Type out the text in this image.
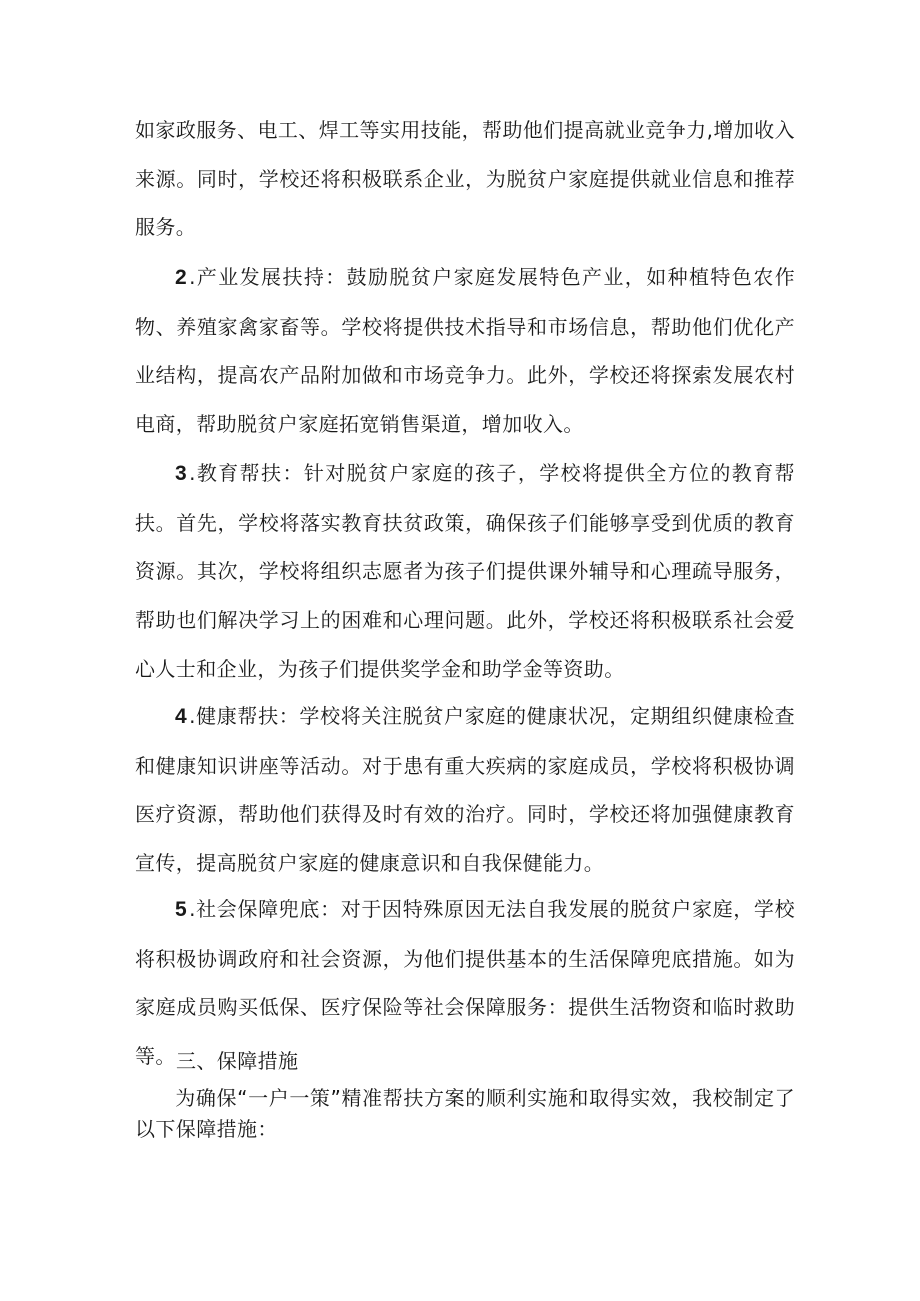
如家政服务、电工、焊工等实用技能，帮助他们提高就业竞争力,增加收入来源。同时，学校还将积极联系企业，为脱贫户家庭提供就业信息和推荐服务。

2 .产业发展扶持：鼓励脱贫户家庭发展特色产业，如种植特色农作物、养殖家禽家畜等。学校将提供技术指导和市场信息，帮助他们优化产业结构，提高农产品附加做和市场竞争力。此外，学校还将探索发展农村电商，帮助脱贫户家庭拓宽销售渠道，增加收入。

3 .教育帮扶：针对脱贫户家庭的孩子，学校将提供全方位的教育帮扶。首先，学校将落实教育扶贫政策，确保孩子们能够享受到优质的教育资源。其次，学校将组织志愿者为孩子们提供课外辅导和心理疏导服务，帮助也们解决学习上的困难和心理问题。此外，学校还将积极联系社会爱心人士和企业，为孩子们提供奖学金和助学金等资助。

4 .健康帮扶：学校将关注脱贫户家庭的健康状况，定期组织健康检查和健康知识讲座等活动。对于患有重大疾病的家庭成员，学校将积极协调医疗资源，帮助他们获得及时有效的治疗。同时，学校还将加强健康教育宣传，提高脱贫户家庭的健康意识和自我保健能力。

5 .社会保障兜底：对于因特殊原因无法自我发展的脱贫户家庭，学校将积极协调政府和社会资源，为他们提供基本的生活保障兜底措施。如为家庭成员购买低保、医疗保险等社会保障服务：提供生活物资和临时救助等。 三、保障措施

为确保“一户一策”精准帮扶方案的顺利实施和取得实效，我校制定了以下保障措施：
